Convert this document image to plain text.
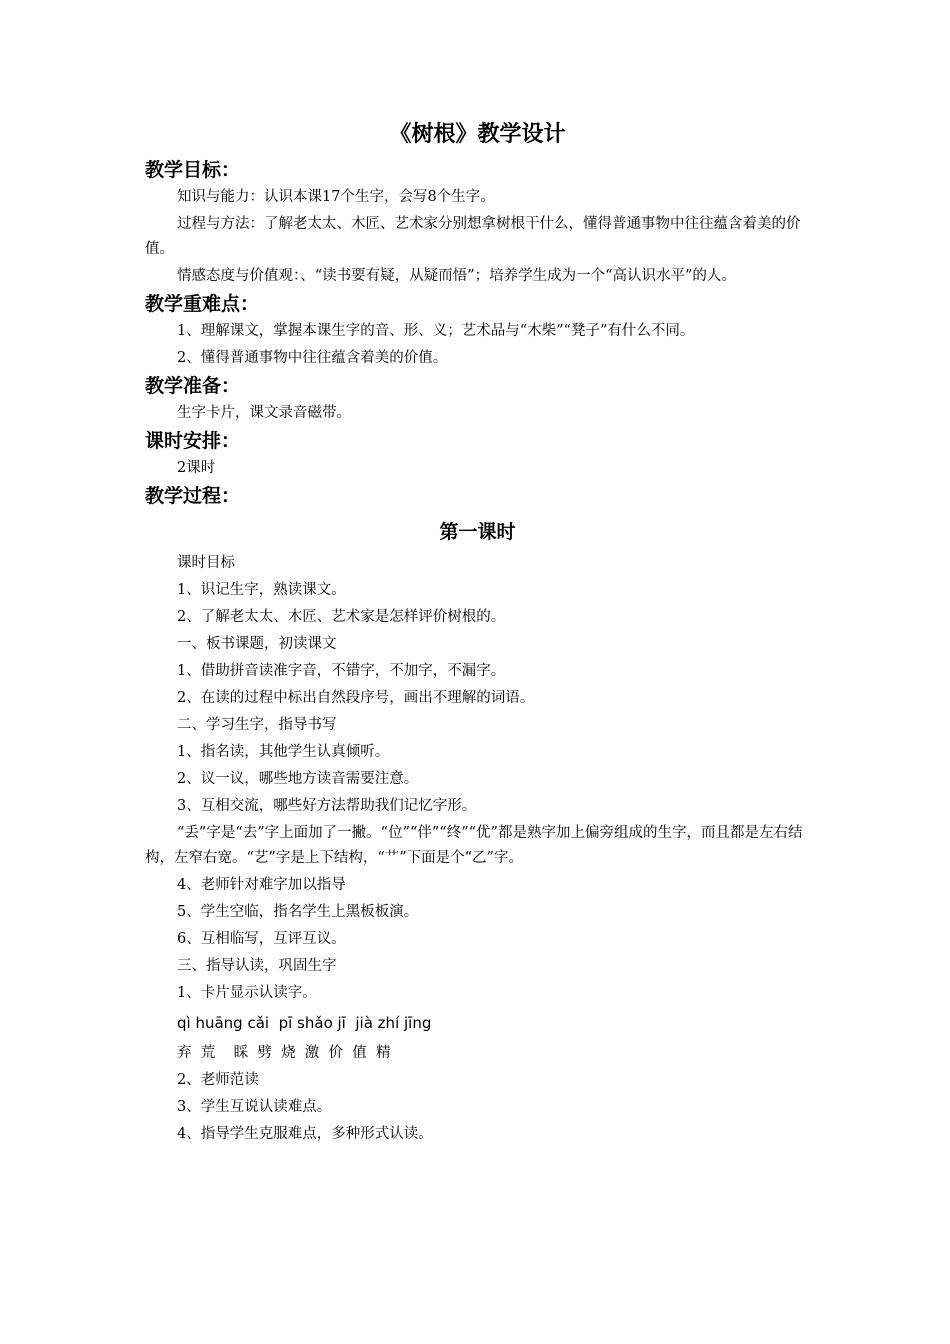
《树根》教学设计
教学目标：
知识与能力：认识本课17个生字，会写8个生字。
过程与方法：了解老太太、木匠、艺术家分别想拿树根干什么，懂得普通事物中往往蕴含着美的价值。
情感态度与价值观：、“读书要有疑，从疑而悟”；培养学生成为一个“高认识水平”的人。
教学重难点：
1、理解课文，掌握本课生字的音、形、义；艺术品与“木柴”“凳子”有什么不同。
2、懂得普通事物中往往蕴含着美的价值。
教学准备：
生字卡片，课文录音磁带。
课时安排：
2课时
教学过程：
第一课时
课时目标
1、识记生字，熟读课文。
2、了解老太太、木匠、艺术家是怎样评价树根的。
一、板书课题，初读课文
1、借助拼音读准字音，不错字，不加字，不漏字。
2、在读的过程中标出自然段序号，画出不理解的词语。
二、学习生字，指导书写
1、指名读，其他学生认真倾听。
2、议一议，哪些地方读音需要注意。
3、互相交流，哪些好方法帮助我们记忆字形。
“丢”字是“去”字上面加了一撇。“位”“伴”“终”“优”都是熟字加上偏旁组成的生字，而且都是左右结构，左窄右宽。“艺”字是上下结构，“艹”下面是个“乙”字。
4、老师针对难字加以指导
5、学生空临，指名学生上黑板板演。
6、互相临写，互评互议。
三、指导认读，巩固生字
1、卡片显示认读字。
qì huāng cǎi  pī shǎo jī  jià zhí jīng
弃  荒    睬  劈  烧  激  价  值  精
2、老师范读
3、学生互说认读难点。
4、指导学生克服难点，多种形式认读。
